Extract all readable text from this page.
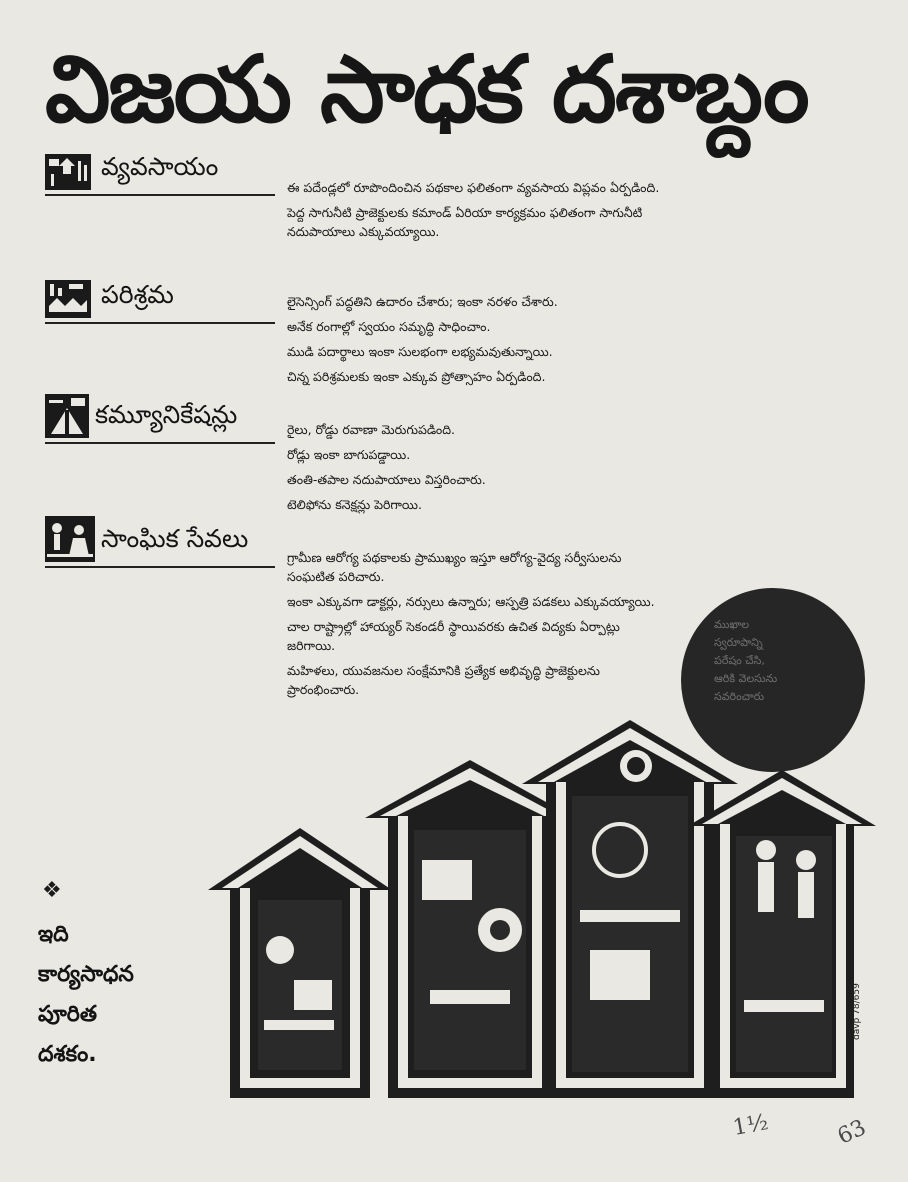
విజయ సాధక దశాబ్దం
వ్యవసాయం

ఈ పదేండ్లలో రూపొందించిన పథకాల ఫలితంగా వ్యవసాయ విప్లవం ఏర్పడింది.

పెద్ద సాగునీటి ప్రాజెక్టులకు కమాండ్ ఏరియా కార్యక్రమం ఫలితంగా సాగునీటి నదుపాయాలు ఎక్కువయ్యాయి.

పరిశ్రమ	లైసెన్సింగ్ పద్ధతిని ఉదారం చేశారు; ఇంకా నరళం చేశారు.

అనేక రంగాల్లో స్వయం సమృద్ధి సాధించాం.

ముడి పదార్థాలు ఇంకా సులభంగా లభ్యమవుతున్నాయి.

చిన్న పరిశ్రమలకు ఇంకా ఎక్కువ ప్రోత్సాహం ఏర్పడింది.

కమ్యూనికేషన్లు

రైలు, రోడ్డు రవాణా మెరుగుపడింది.

రోడ్లు ఇంకా బాగుపడ్డాయి.

తంతి-తపాల నదుపాయాలు విస్తరించారు.

టెలిఫోను కనెక్షన్లు పెరిగాయి.

సాంఘిక సేవలు

గ్రామీణ ఆరోగ్య పథకాలకు ప్రాముఖ్యం ఇస్తూ ఆరోగ్య-వైద్య సర్వీసులను సంఘటిత పరిచారు.

ఇంకా ఎక్కువగా డాక్టర్లు, నర్సులు ఉన్నారు; ఆస్పత్రి పడకలు ఎక్కువయ్యాయి.

చాల రాష్ట్రాల్లో హాయ్యర్ సెకండరీ స్థాయివరకు ఉచిత విద్యకు ఏర్పాట్లు జరిగాయి.

మహిళలు, యువజనుల సంక్షేమానికి ప్రత్యేక అభివృద్ధి ప్రాజెక్టులను ప్రారంభించారు.

ముఖాల
స్వరూపాన్ని
పరేషం చేసి,
ఆరికి వెలసును
సవరించారు
❖
ఇది
కార్యసాధన
పూరిత
దశకం.
davp 78/659
1½	63
